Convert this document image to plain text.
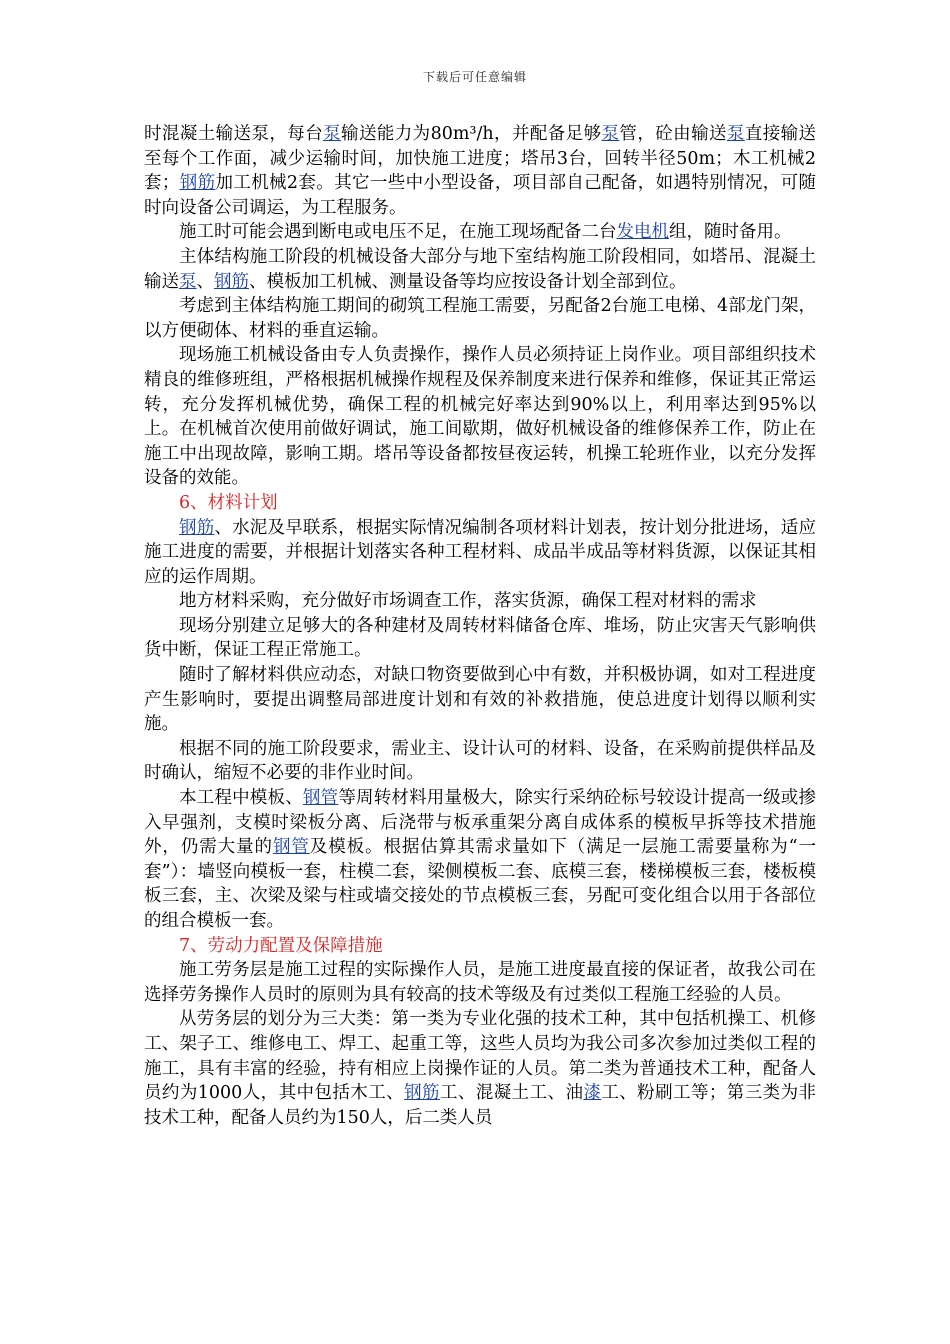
下载后可任意编辑

时混凝土输送泵，每台泵输送能力为80m³/h，并配备足够泵管，砼由输送泵直接输送至每个工作面，减少运输时间，加快施工进度；塔吊3台，回转半径50m；木工机械2套；钢筋加工机械2套。其它一些中小型设备，项目部自己配备，如遇特别情况，可随时向设备公司调运，为工程服务。

施工时可能会遇到断电或电压不足，在施工现场配备二台发电机组，随时备用。

主体结构施工阶段的机械设备大部分与地下室结构施工阶段相同，如塔吊、混凝土输送泵、钢筋、模板加工机械、测量设备等均应按设备计划全部到位。

考虑到主体结构施工期间的砌筑工程施工需要，另配备2台施工电梯、4部龙门架，以方便砌体、材料的垂直运输。

现场施工机械设备由专人负责操作，操作人员必须持证上岗作业。项目部组织技术精良的维修班组，严格根据机械操作规程及保养制度来进行保养和维修，保证其正常运转，充分发挥机械优势，确保工程的机械完好率达到90%以上，利用率达到95%以上。在机械首次使用前做好调试，施工间歇期，做好机械设备的维修保养工作，防止在施工中出现故障，影响工期。塔吊等设备都按昼夜运转，机操工轮班作业，以充分发挥设备的效能。

6、材料计划

钢筋、水泥及早联系，根据实际情况编制各项材料计划表，按计划分批进场，适应施工进度的需要，并根据计划落实各种工程材料、成品半成品等材料货源，以保证其相应的运作周期。

地方材料采购，充分做好市场调查工作，落实货源，确保工程对材料的需求

现场分别建立足够大的各种建材及周转材料储备仓库、堆场，防止灾害天气影响供货中断，保证工程正常施工。

随时了解材料供应动态，对缺口物资要做到心中有数，并积极协调，如对工程进度产生影响时，要提出调整局部进度计划和有效的补救措施，使总进度计划得以顺利实施。

根据不同的施工阶段要求，需业主、设计认可的材料、设备，在采购前提供样品及时确认，缩短不必要的非作业时间。

本工程中模板、钢管等周转材料用量极大，除实行采纳砼标号较设计提高一级或掺入早强剂，支模时梁板分离、后浇带与板承重架分离自成体系的模板早拆等技术措施外，仍需大量的钢管及模板。根据估算其需求量如下（满足一层施工需要量称为“一套”）：墙竖向模板一套，柱模二套，梁侧模板二套、底模三套，楼梯模板三套，楼板模板三套，主、次梁及梁与柱或墙交接处的节点模板三套，另配可变化组合以用于各部位的组合模板一套。

7、劳动力配置及保障措施

施工劳务层是施工过程的实际操作人员，是施工进度最直接的保证者，故我公司在选择劳务操作人员时的原则为具有较高的技术等级及有过类似工程施工经验的人员。

从劳务层的划分为三大类：第一类为专业化强的技术工种，其中包括机操工、机修工、架子工、维修电工、焊工、起重工等，这些人员均为我公司多次参加过类似工程的施工，具有丰富的经验，持有相应上岗操作证的人员。第二类为普通技术工种，配备人员约为1000人，其中包括木工、钢筋工、混凝土工、油漆工、粉刷工等；第三类为非技术工种，配备人员约为150人，后二类人员
